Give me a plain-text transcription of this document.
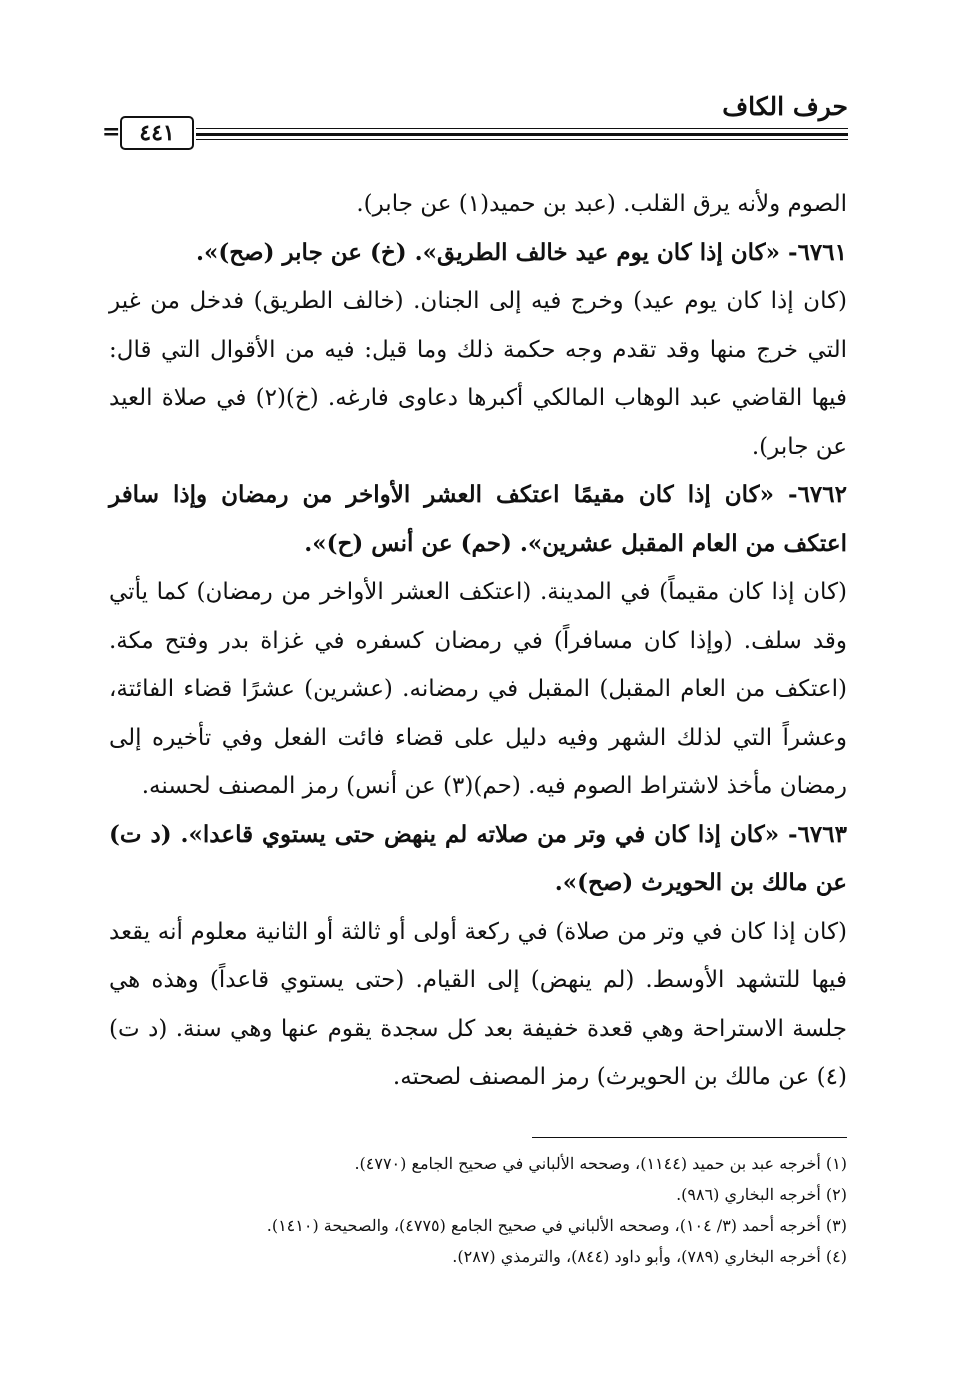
حرف الكاف
٤٤١
=

الصوم ولأنه يرق القلب. (عبد بن حميد(١) عن جابر).

٦٧٦١- «كان إذا كان يوم عيد خالف الطريق». (خ) عن جابر (صح)».

(كان إذا كان يوم عيد) وخرج فيه إلى الجنان. (خالف الطريق) فدخل من غير التي خرج منها وقد تقدم وجه حكمة ذلك وما قيل: فيه من الأقوال التي قال: فيها القاضي عبد الوهاب المالكي أكبرها دعاوى فارغه. (خ)(٢) في صلاة العيد عن جابر).

٦٧٦٢- «كان إذا كان مقيمًا اعتكف العشر الأواخر من رمضان وإذا سافر اعتكف من العام المقبل عشرين». (حم) عن أنس (ح)».

(كان إذا كان مقيماً) في المدينة. (اعتكف العشر الأواخر من رمضان) كما يأتي وقد سلف. (وإذا كان مسافراً) في رمضان كسفره في غزاة بدر وفتح مكة. (اعتكف من العام المقبل) المقبل في رمضانه. (عشرين) عشرًا قضاء الفائتة، وعشراً التي لذلك الشهر وفيه دليل على قضاء فائت الفعل وفي تأخيره إلى رمضان مأخذ لاشتراط الصوم فيه. (حم)(٣) عن أنس) رمز المصنف لحسنه.

٦٧٦٣- «كان إذا كان في وتر من صلاته لم ينهض حتى يستوي قاعدا». (د ت) عن مالك بن الحويرث (صح)».

(كان إذا كان في وتر من صلاة) في ركعة أولى أو ثالثة أو الثانية معلوم أنه يقعد فيها للتشهد الأوسط. (لم ينهض) إلى القيام. (حتى يستوي قاعداً) وهذه هي جلسة الاستراحة وهي قعدة خفيفة بعد كل سجدة يقوم عنها وهي سنة. (د ت)(٤) عن مالك بن الحويرث) رمز المصنف لصحته.

(١) أخرجه عبد بن حميد (١١٤٤)، وصححه الألباني في صحيح الجامع (٤٧٧٠).

(٢) أخرجه البخاري (٩٨٦).

(٣) أخرجه أحمد (٣/ ١٠٤)، وصححه الألباني في صحيح الجامع (٤٧٧٥)، والصحيحة (١٤١٠).

(٤) أخرجه البخاري (٧٨٩)، وأبو داود (٨٤٤)، والترمذي (٢٨٧).
